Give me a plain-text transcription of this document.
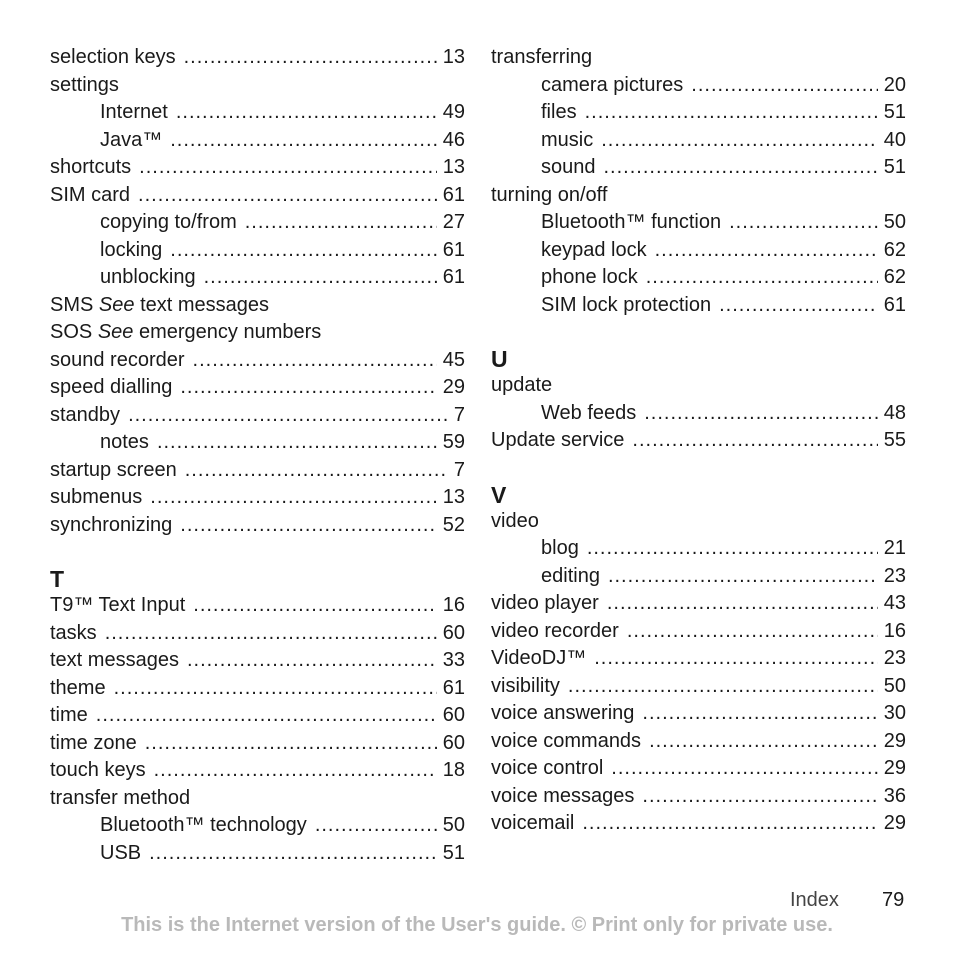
selection keys .....	13
settings
Internet .....	49
Java™ .....	46
shortcuts .....	13
SIM card .....	61
copying to/from .....	27
locking .....	61
unblocking .....	61
SMS See text messages
SOS See emergency numbers
sound recorder .....	45
speed dialling .....	29
standby .....	7
notes .....	59
startup screen .....	7
submenus .....	13
synchronizing .....	52
T
T9™ Text Input .....	16
tasks .....	60
text messages .....	33
theme .....	61
time .....	60
time zone .....	60
touch keys .....	18
transfer method
Bluetooth™ technology .....	50
USB .....	51
transferring
camera pictures .....	20
files .....	51
music .....	40
sound .....	51
turning on/off
Bluetooth™ function .....	50
keypad lock .....	62
phone lock .....	62
SIM lock protection .....	61
U
update
Web feeds .....	48
Update service .....	55
V
video
blog .....	21
editing .....	23
video player .....	43
video recorder .....	16
VideoDJ™ .....	23
visibility .....	50
voice answering .....	30
voice commands .....	29
voice control .....	29
voice messages .....	36
voicemail .....	29
Index 79
This is the Internet version of the User's guide. © Print only for private use.
